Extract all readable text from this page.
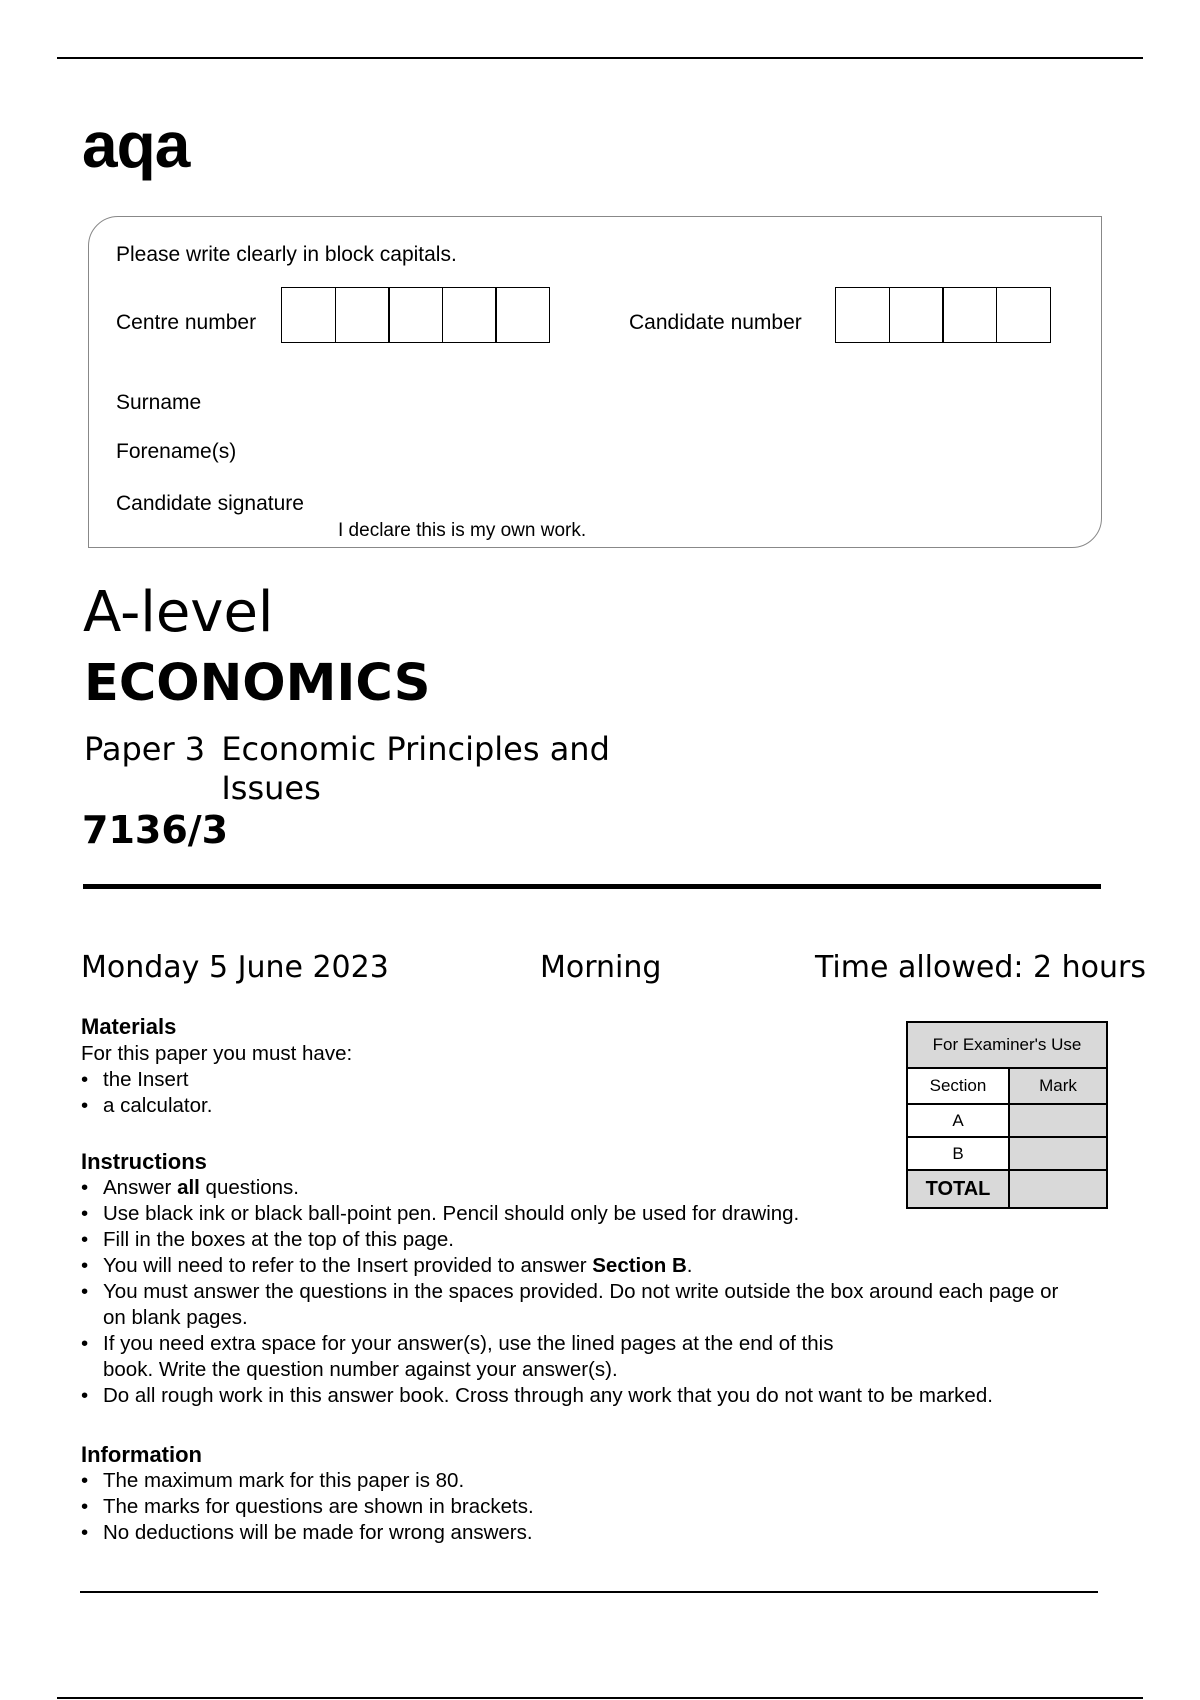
aqa
Please write clearly in block capitals.
Centre number	Candidate number
Surname
Forename(s)
Candidate signature
I declare this is my own work.
A-level
ECONOMICS
Paper 3 Economic Principles and Issues
7136/3
Monday 5 June 2023	Morning	Time allowed: 2 hours
Materials
For this paper you must have:
• the Insert
• a calculator.
For Examiner's Use	
Section	Mark
A	
B	
TOTAL	
Instructions
• Answer all questions.
• Use black ink or black ball-point pen. Pencil should only be used for drawing.
• Fill in the boxes at the top of this page.
• You will need to refer to the Insert provided to answer Section B.
• You must answer the questions in the spaces provided. Do not write outside the box around each page or on blank pages.
• If you need extra space for your answer(s), use the lined pages at the end of this book. Write the question number against your answer(s).
• Do all rough work in this answer book. Cross through any work that you do not want to be marked.
Information
• The maximum mark for this paper is 80.
• The marks for questions are shown in brackets.
• No deductions will be made for wrong answers.
